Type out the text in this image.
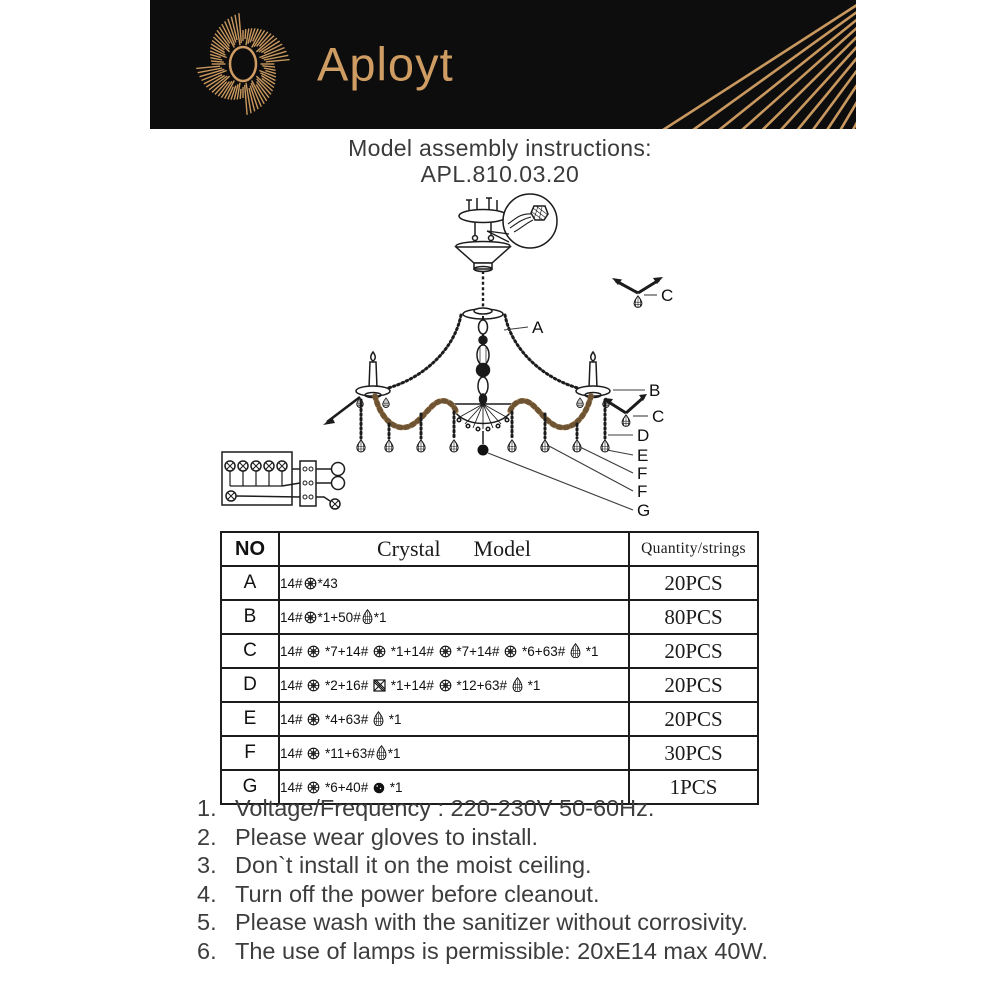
Aployt
Model assembly instructions:
APL.810.03.20
A
B
C
C
D
E
F
F
G
NO	Crystal      Model	Quantity/strings
A	14# *43	20PCS
B	14# *1+50# *1	80PCS
C	14#  *7+14#  *1+14#  *7+14#  *6+63#  *1	20PCS
D	14#  *2+16#  *1+14#  *12+63#  *1	20PCS
E	14#  *4+63#  *1	20PCS
F	14#  *11+63# *1	30PCS
G	14#  *6+40#  *1	1PCS
1. Voltage/Frequency : 220-230V 50-60Hz.
2. Please wear gloves to install.
3. Don`t install it on the moist ceiling.
4. Turn off the power before cleanout.
5. Please wash with the sanitizer without corrosivity.
6. The use of lamps is permissible: 20xE14 max 40W.
